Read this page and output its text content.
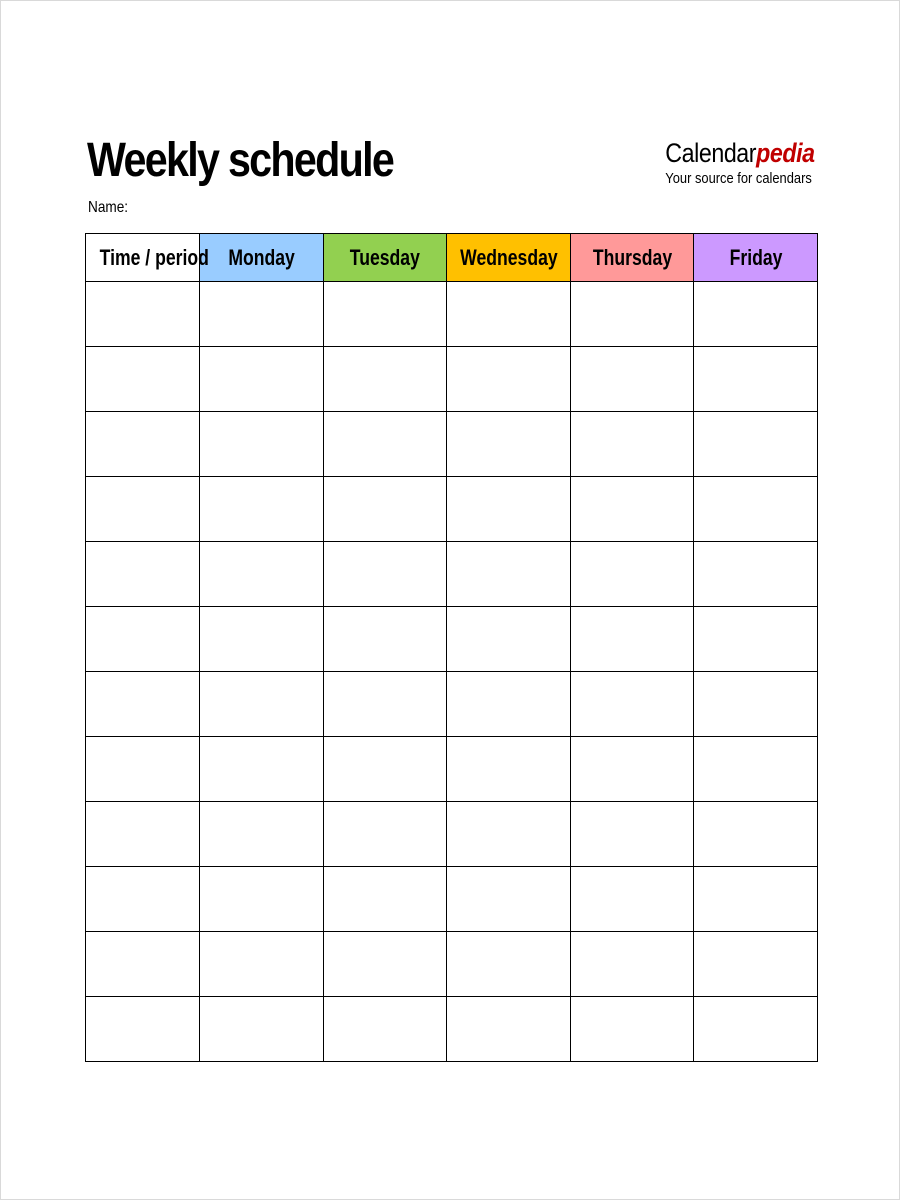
Weekly schedule
Name:
Calendarpedia
Your source for calendars
Time / period	Monday	Tuesday	Wednesday	Thursday	Friday
